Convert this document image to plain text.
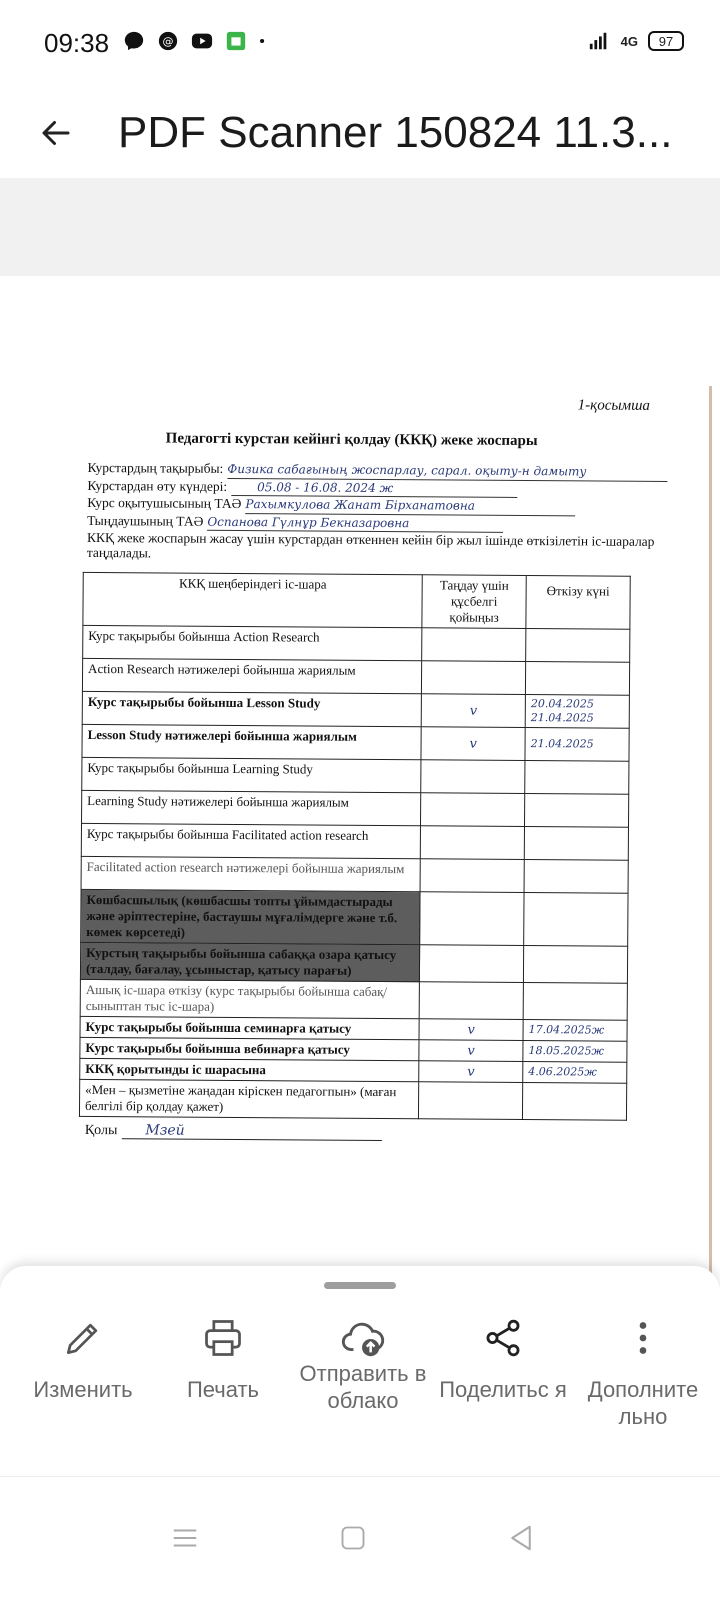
09:38	@	4G	97
PDF Scanner 150824 11.3...
1-қосымша
Педагогті курстан кейінгі қолдау (ККҚ) жеке жоспары
Курстардың тақырыбы: Физика сабағының жоспарлау, сарал. оқыту-н дамыту
Курстардан өту күндері:	05.08 - 16.08. 2024 ж
Курс оқытушысының ТАӘ Рахымкулова Жанат Бірханатовна
Тыңдаушының ТАӘ Оспанова Гүлнұр Бекназаровна
ККҚ жеке жоспарын жасау үшін курстардан өткеннен кейін бір жыл ішінде өткізілетін іс-шаралар таңдалады.
ККҚ шеңберіндегі іс-шара	Таңдау үшін құсбелгі қойыңыз	Өткізу күні
Курс тақырыбы бойынша Action Research		
Action Research нәтижелері бойынша жариялым		
Курс тақырыбы бойынша Lesson Study	v	20.04.2025 21.04.2025
Lesson Study нәтижелері бойынша жариялым	v	21.04.2025
Курс тақырыбы бойынша Learning Study		
Learning Study нәтижелері бойынша жариялым		
Курс тақырыбы бойынша Facilitated action research		
Facilitated action research нәтижелері бойынша жариялым		
Көшбасшылық (көшбасшы топты ұйымдастырады және әріптестеріне, бастаушы мұғалімдерге және т.б. көмек көрсетеді)		
Курстың тақырыбы бойынша сабаққа озара қатысу (талдау, бағалау, ұсыныстар, қатысу парағы)		
Ашық іс-шара өткізу (курс тақырыбы бойынша сабақ/сыныптан тыс іс-шара)		
Курс тақырыбы бойынша семинарға қатысу	v	17.04.2025ж
Курс тақырыбы бойынша вебинарға қатысу	v	18.05.2025ж
ККҚ қорытынды іс шарасына	v	4.06.2025ж
«Мен – қызметіне жаңадан кіріскен педагогпын» (маған белгілі бір қолдау қажет)		
Қолы	Мзей
Изменить	Печать
Отправить в облако	Поделитьс я Дополните льно
